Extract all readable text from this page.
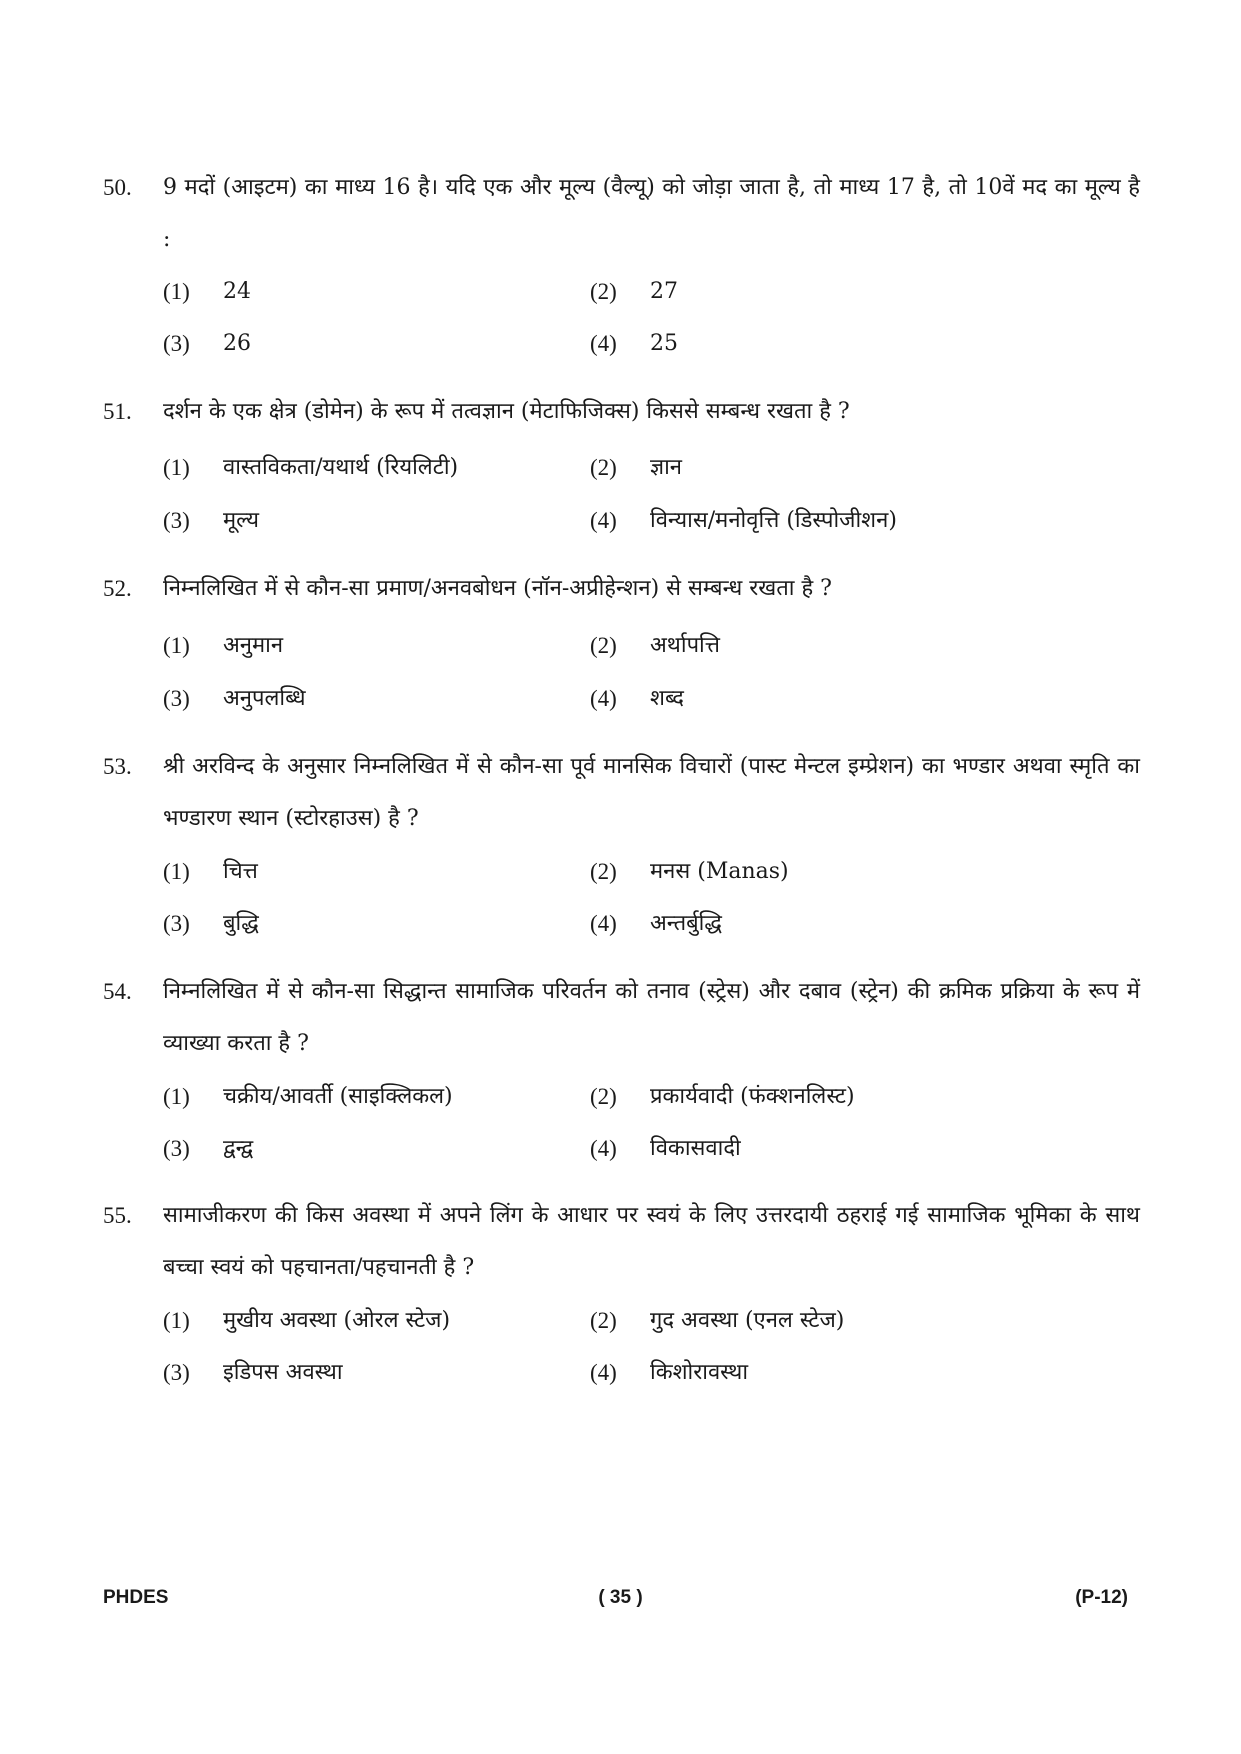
50. 9 मदों (आइटम) का माध्य 16 है। यदि एक और मूल्य (वैल्यू) को जोड़ा जाता है, तो माध्य 17 है, तो 10वें मद का मूल्य है :
(1) 24	(2) 27
(3) 26	(4) 25
51. दर्शन के एक क्षेत्र (डोमेन) के रूप में तत्वज्ञान (मेटाफिजिक्स) किससे सम्बन्ध रखता है ?
(1) वास्तविकता/यथार्थ (रियलिटी)	(2) ज्ञान
(3) मूल्य	(4) विन्यास/मनोवृत्ति (डिस्पोजीशन)
52. निम्नलिखित में से कौन-सा प्रमाण/अनवबोधन (नॉन-अप्रीहेन्शन) से सम्बन्ध रखता है ?
(1) अनुमान	(2) अर्थापत्ति
(3) अनुपलब्धि	(4) शब्द
53. श्री अरविन्द के अनुसार निम्नलिखित में से कौन-सा पूर्व मानसिक विचारों (पास्ट मेन्टल इम्प्रेशन) का भण्डार अथवा स्मृति का भण्डारण स्थान (स्टोरहाउस) है ?
(1) चित्त	(2) मनस (Manas)
(3) बुद्धि	(4) अन्तर्बुद्धि
54. निम्नलिखित में से कौन-सा सिद्धान्त सामाजिक परिवर्तन को तनाव (स्ट्रेस) और दबाव (स्ट्रेन) की क्रमिक प्रक्रिया के रूप में व्याख्या करता है ?
(1) चक्रीय/आवर्ती (साइक्लिकल)	(2) प्रकार्यवादी (फंक्शनलिस्ट)
(3) द्वन्द्व	(4) विकासवादी
55. सामाजीकरण की किस अवस्था में अपने लिंग के आधार पर स्वयं के लिए उत्तरदायी ठहराई गई सामाजिक भूमिका के साथ बच्चा स्वयं को पहचानता/पहचानती है ?
(1) मुखीय अवस्था (ओरल स्टेज)	(2) गुद अवस्था (एनल स्टेज)
(3) इडिपस अवस्था	(4) किशोरावस्था
PHDES	( 35 )	(P-12)
